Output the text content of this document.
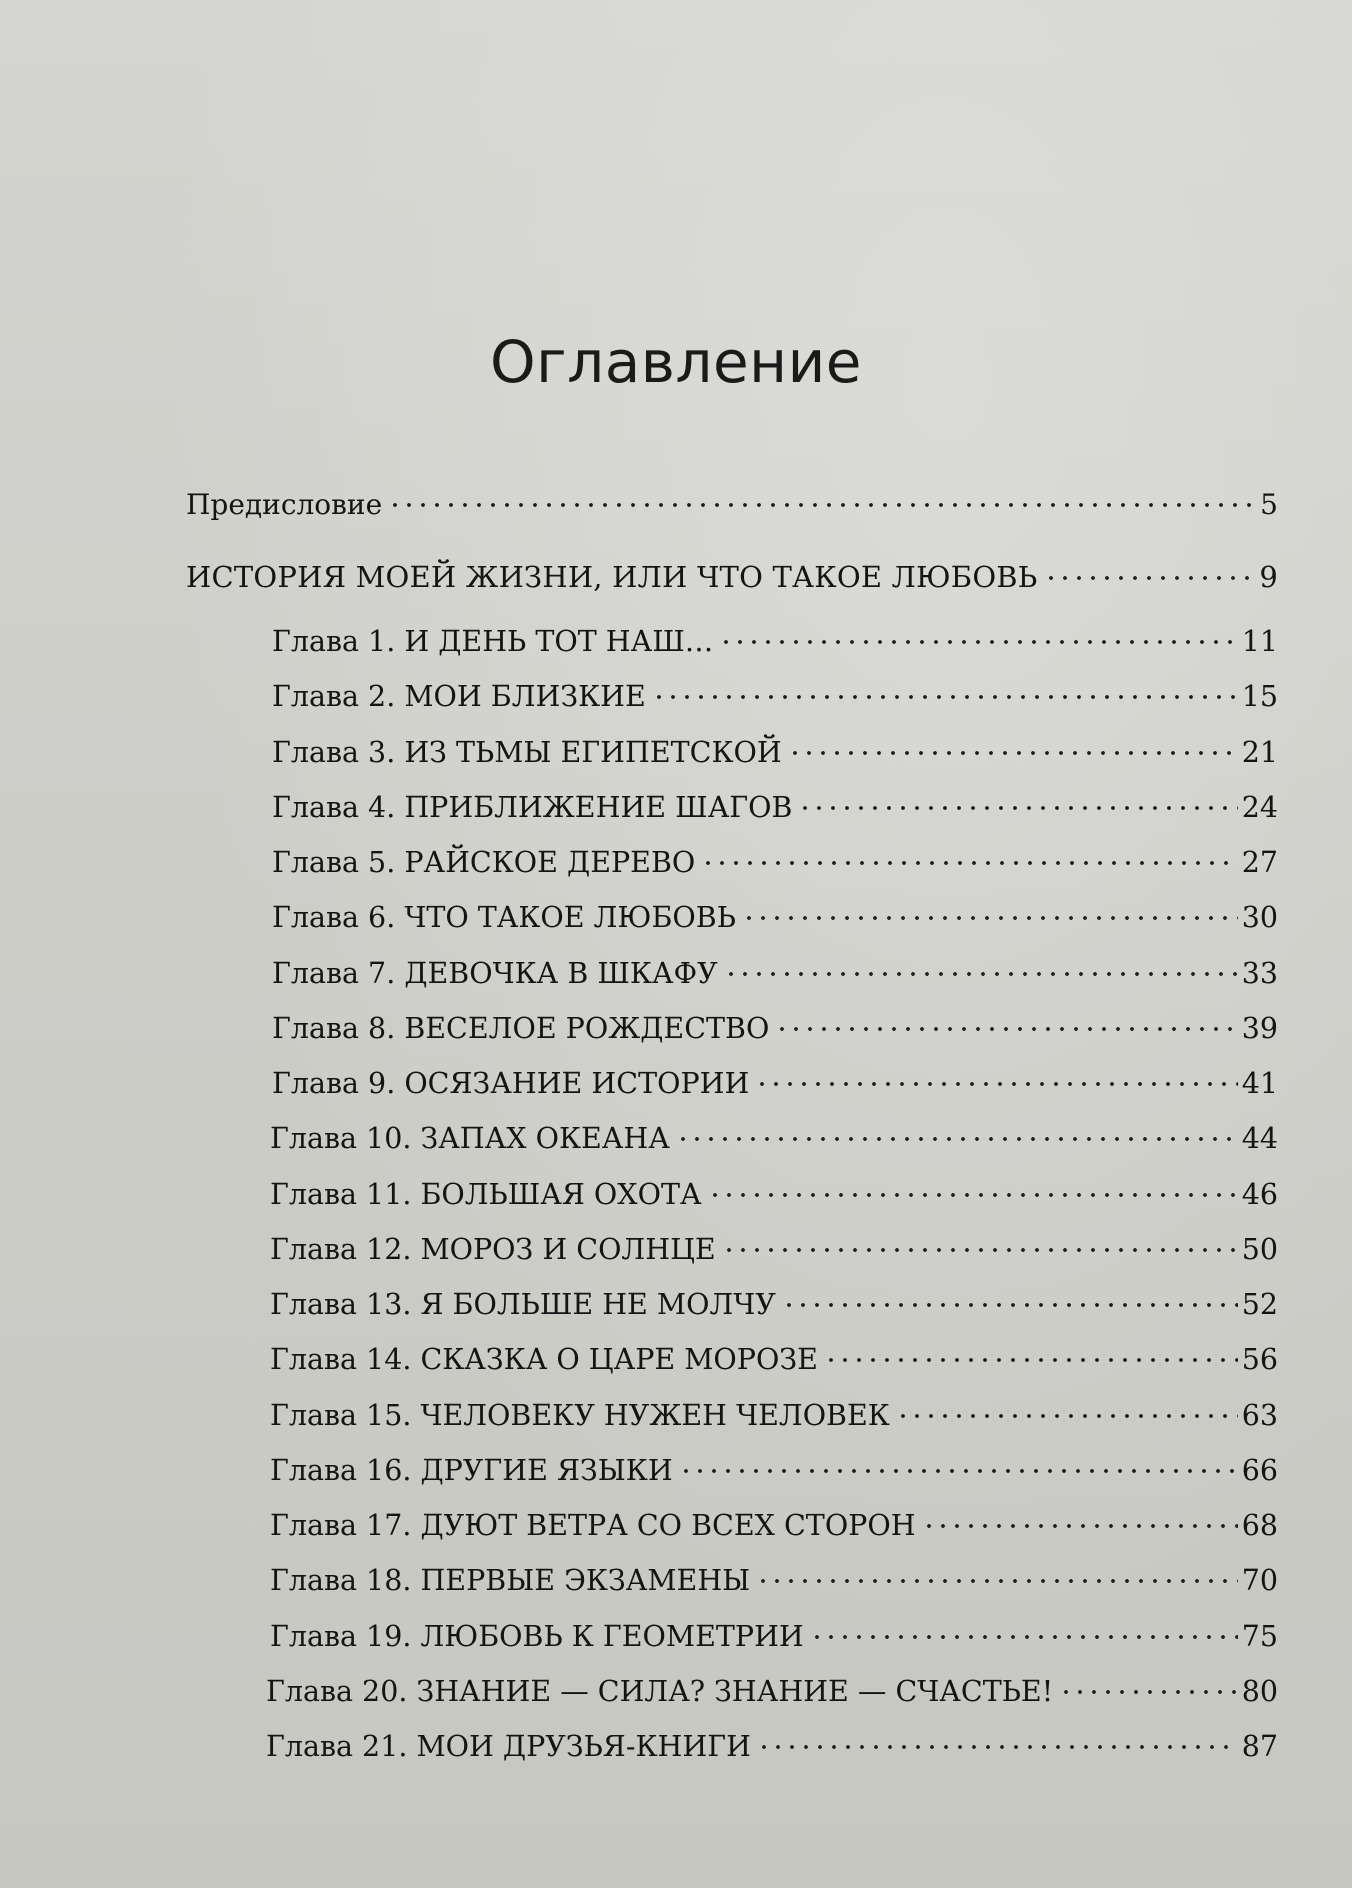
Оглавление
Предисловие	5
ИСТОРИЯ МОЕЙ ЖИЗНИ, ИЛИ ЧТО ТАКОЕ ЛЮБОВЬ	9
Глава 1. И ДЕНЬ ТОТ НАШ…	11
Глава 2. МОИ БЛИЗКИЕ	15
Глава 3. ИЗ ТЬМЫ ЕГИПЕТСКОЙ	21
Глава 4. ПРИБЛИЖЕНИЕ ШАГОВ	24
Глава 5. РАЙСКОЕ ДЕРЕВО	27
Глава 6. ЧТО ТАКОЕ ЛЮБОВЬ	30
Глава 7. ДЕВОЧКА В ШКАФУ	33
Глава 8. ВЕСЕЛОЕ РОЖДЕСТВО	39
Глава 9. ОСЯЗАНИЕ ИСТОРИИ	41
Глава 10. ЗАПАХ ОКЕАНА	44
Глава 11. БОЛЬШАЯ ОХОТА	46
Глава 12. МОРОЗ И СОЛНЦЕ	50
Глава 13. Я БОЛЬШЕ НЕ МОЛЧУ	52
Глава 14. СКАЗКА О ЦАРЕ МОРОЗЕ	56
Глава 15. ЧЕЛОВЕКУ НУЖЕН ЧЕЛОВЕК	63
Глава 16. ДРУГИЕ ЯЗЫКИ	66
Глава 17. ДУЮТ ВЕТРА СО ВСЕХ СТОРОН	68
Глава 18. ПЕРВЫЕ ЭКЗАМЕНЫ	70
Глава 19. ЛЮБОВЬ К ГЕОМЕТРИИ	75
Глава 20. ЗНАНИЕ — СИЛА? ЗНАНИЕ — СЧАСТЬЕ!	80
Глава 21. МОИ ДРУЗЬЯ-КНИГИ	87
